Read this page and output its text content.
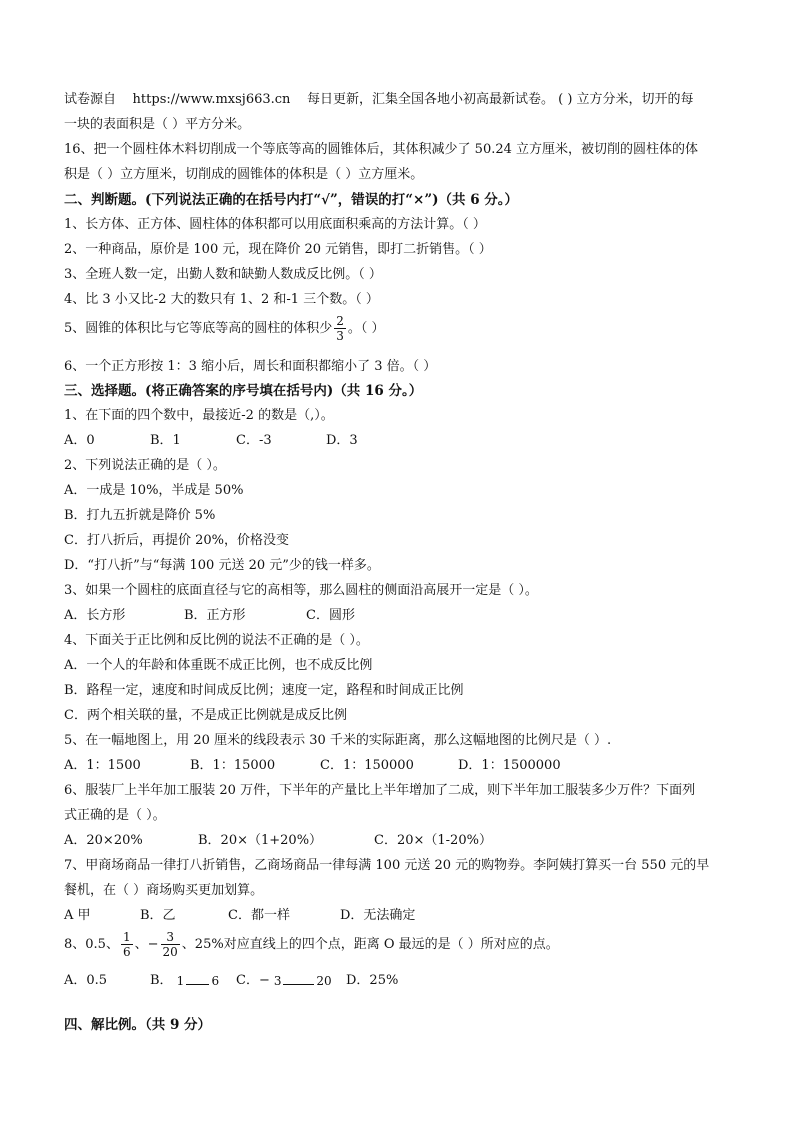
试卷源自 https://www.mxsj663.cn 每日更新，汇集全国各地小初高最新试卷。 ( ) 立方分米，切开的每
一块的表面积是（ ）平方分米。
16、把一个圆柱体木料切削成一个等底等高的圆锥体后，其体积减少了 50.24 立方厘米，被切削的圆柱体的体
积是（ ）立方厘米，切削成的圆锥体的体积是（ ）立方厘米。
二、判断题。(下列说法正确的在括号内打“√”，错误的打“×”)（共 6 分。）
1、长方体、正方体、圆柱体的体积都可以用底面积乘高的方法计算。（ ）
2、一种商品，原价是 100 元，现在降价 20 元销售，即打二折销售。（ ）
3、全班人数一定，出勤人数和缺勤人数成反比例。（ ）
4、比 3 小又比-2 大的数只有 1、2 和-1 三个数。（ ）
5、圆锥的体积比与它等底等高的圆柱的体积少 $\frac{2}{3}$ 。（ ）
6、一个正方形按 1：3 缩小后，周长和面积都缩小了 3 倍。（ ）
三、选择题。(将正确答案的序号填在括号内)（共 16 分。）
1、在下面的四个数中，最接近-2 的数是（,）。
A．0	B．1	C．-3	D．3
2、下列说法正确的是（ ）。
A．一成是 10%，半成是 50%
B．打九五折就是降价 5%
C．打八折后，再提价 20%，价格没变
D．“打八折”与“每满 100 元送 20 元”少的钱一样多。
3、如果一个圆柱的底面直径与它的高相等，那么圆柱的侧面沿高展开一定是（ ）。
A．长方形	B．正方形	C．圆形
4、下面关于正比例和反比例的说法不正确的是（ ）。
A．一个人的年龄和体重既不成正比例，也不成反比例
B．路程一定，速度和时间成反比例；速度一定，路程和时间成正比例
C．两个相关联的量，不是成正比例就是成反比例
5、在一幅地图上，用 20 厘米的线段表示 30 千米的实际距离，那么这幅地图的比例尺是（ ）.
A．1：1500	B．1：15000	C．1：150000	D．1：1500000
6、服装厂上半年加工服装 20 万件，下半年的产量比上半年增加了二成，则下半年加工服装多少万件？下面列
式正确的是（ ）。
A．20×20%	B．20×（1+20%）	C．20×（1-20%）
7、甲商场商品一律打八折销售，乙商场商品一律每满 100 元送 20 元的购物券。李阿姨打算买一台 550 元的早
餐机，在（ ）商场购买更加划算。
A 甲	B．乙	C．都一样	D．无法确定
8、0.5、 $\frac{1}{6}$ 、− $\frac{3}{20}$ 、25%对应直线上的四个点，距离 O 最远的是（ ）所对应的点。
A．0.5	B． 1 6 C．− 3	20 D．25%
四、解比例。（共 9 分）
